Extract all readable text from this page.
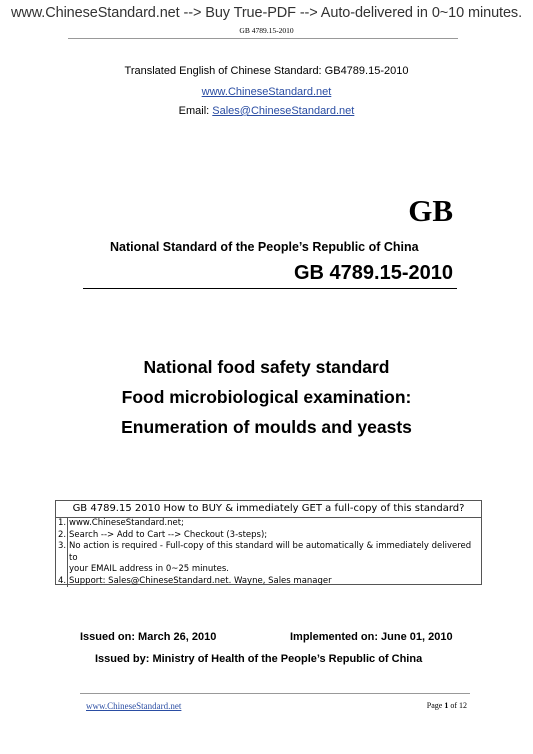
www.ChineseStandard.net --> Buy True-PDF --> Auto-delivered in 0~10 minutes.
GB 4789.15-2010
Translated English of Chinese Standard: GB4789.15-2010
www.ChineseStandard.net
Email: Sales@ChineseStandard.net
GB
National Standard of the People’s Republic of China
GB 4789.15-2010
National food safety standard
Food microbiological examination:
Enumeration of moulds and yeasts
GB 4789.15 2010 How to BUY & immediately GET a full-copy of this standard?
1. www.ChineseStandard.net;
2. Search --> Add to Cart --> Checkout (3-steps);
3. No action is required - Full-copy of this standard will be automatically & immediately delivered to
your EMAIL address in 0~25 minutes.
4. Support: Sales@ChineseStandard.net. Wayne, Sales manager
Issued on: March 26, 2010	Implemented on: June 01, 2010
Issued by: Ministry of Health of the People’s Republic of China
www.ChineseStandard.net	Page 1 of 12
